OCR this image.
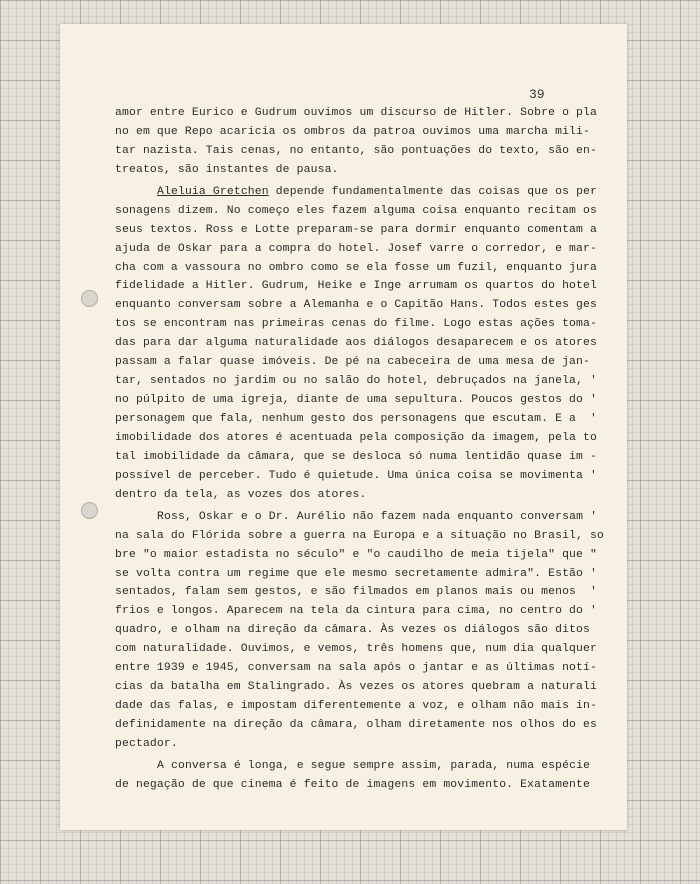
39
amor entre Eurico e Gudrum ouvimos um discurso de Hitler. Sobre o pla
no em que Repo acaricia os ombros da patroa ouvimos uma marcha mili-
tar nazista. Tais cenas, no entanto, são pontuações do texto, são en-
treatos, são instantes de pausa.
Aleluia Gretchen depende fundamentalmente das coisas que os per
sonagens dizem. No começo eles fazem alguma coisa enquanto recitam os
seus textos. Ross e Lotte preparam-se para dormir enquanto comentam a
ajuda de Oskar para a compra do hotel. Josef varre o corredor, e mar-
cha com a vassoura no ombro como se ela fosse um fuzil, enquanto jura
fidelidade a Hitler. Gudrum, Heike e Inge arrumam os quartos do hotel
enquanto conversam sobre a Alemanha e o Capitão Hans. Todos estes ges
tos se encontram nas primeiras cenas do filme. Logo estas ações toma-
das para dar alguma naturalidade aos diálogos desaparecem e os atores
passam a falar quase imóveis. De pé na cabeceira de uma mesa de jan-
tar, sentados no jardim ou no salão do hotel, debruçados na janela, '
no púlpito de uma igreja, diante de uma sepultura. Poucos gestos do '
personagem que fala, nenhum gesto dos personagens que escutam. E a  '
imobilidade dos atores é acentuada pela composição da imagem, pela to
tal imobilidade da câmara, que se desloca só numa lentidão quase im -
possível de perceber. Tudo é quietude. Uma única coisa se movimenta '
dentro da tela, as vozes dos atores.
Ross, Oskar e o Dr. Aurélio não fazem nada enquanto conversam '
na sala do Flórida sobre a guerra na Europa e a situação no Brasil, so
bre "o maior estadista no século" e "o caudilho de meia tijela" que "
se volta contra um regime que ele mesmo secretamente admira". Estão '
sentados, falam sem gestos, e são filmados em planos mais ou menos  '
frios e longos. Aparecem na tela da cintura para cima, no centro do '
quadro, e olham na direção da câmara. Às vezes os diálogos são ditos
com naturalidade. Ouvimos, e vemos, três homens que, num dia qualquer
entre 1939 e 1945, conversam na sala após o jantar e as últimas notí-
cias da batalha em Stalingrado. Às vezes os atores quebram a naturali
dade das falas, e impostam diferentemente a voz, e olham não mais in-
definidamente na direção da câmara, olham diretamente nos olhos do es
pectador.
A conversa é longa, e segue sempre assim, parada, numa espécie
de negação de que cinema é feito de imagens em movimento. Exatamente
